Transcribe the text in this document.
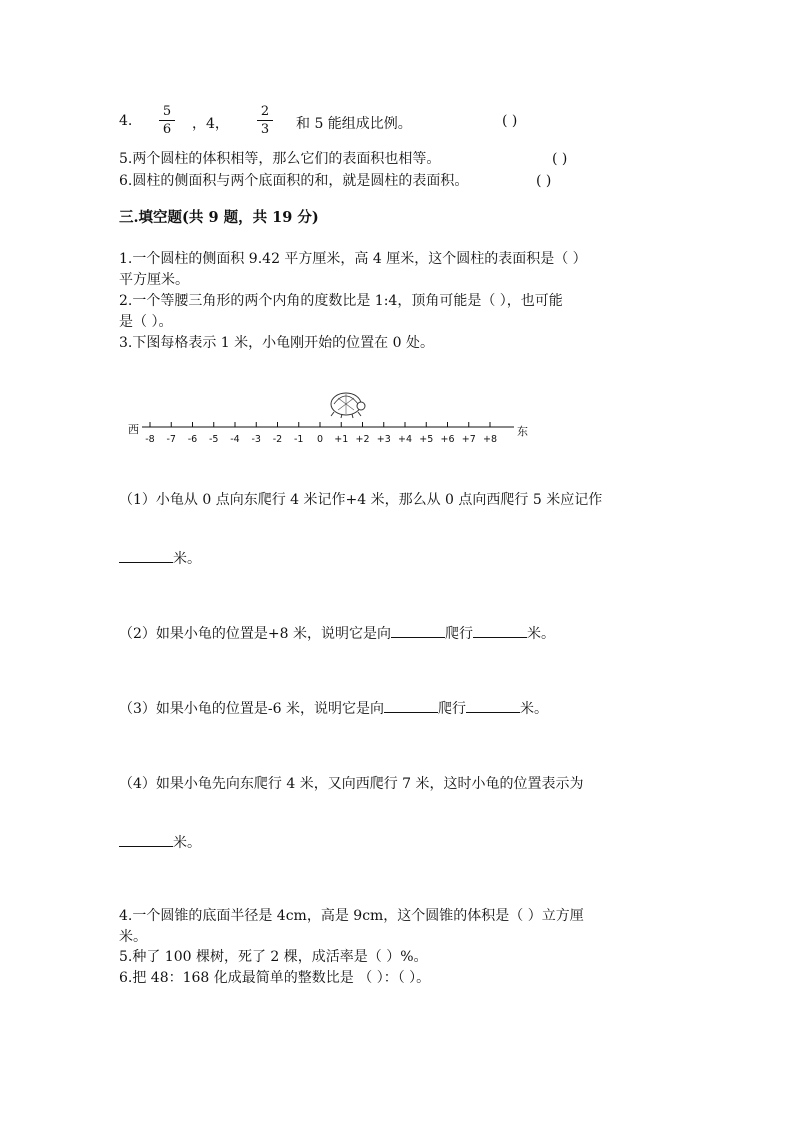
4.
5
6	，4，
2
3	和 5 能组成比例。	( )
5.两个圆柱的体积相等，那么它们的表面积也相等。	( )
6.圆柱的侧面积与两个底面积的和，就是圆柱的表面积。	( )
三.填空题(共 9 题，共 19 分)
1.一个圆柱的侧面积 9.42 平方厘米，高 4 厘米，这个圆柱的表面积是（ ）
平方厘米。
2.一个等腰三角形的两个内角的度数比是 1:4，顶角可能是（ ），也可能
是（ ）。
3.下图每格表示 1 米，小龟刚开始的位置在 0 处。
西
-8 -7 -6 -5 -4 -3 -2 -1 0 +1 +2 +3 +4 +5 +6 +7 +8
东
（1）小龟从 0 点向东爬行 4 米记作+4 米，那么从 0 点向西爬行 5 米应记作
米。
（2）如果小龟的位置是+8 米，说明它是向	爬行	米。
（3）如果小龟的位置是-6 米，说明它是向	爬行	米。
（4）如果小龟先向东爬行 4 米，又向西爬行 7 米，这时小龟的位置表示为
米。
4.一个圆锥的底面半径是 4cm，高是 9cm，这个圆锥的体积是（ ）立方厘
米。
5.种了 100 棵树，死了 2 棵，成活率是（ ）%。
6.把 48：168 化成最简单的整数比是 （ ）：（ ）。
